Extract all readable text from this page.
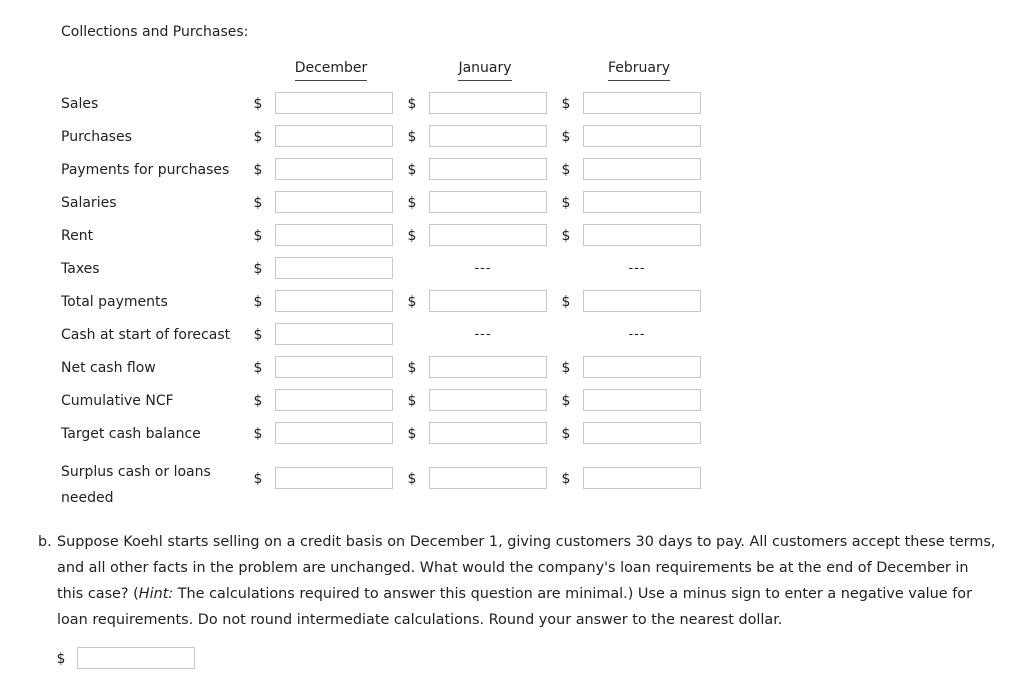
Collections and Purchases:
December	January	February
Sales	$	$	$
Purchases	$	$	$
Payments for purchases $	$	$
Salaries	$	$	$
Rent	$	$	$
Taxes	$	---	---
Total payments	$	$	$
Cash at start of forecast $	---	---
Net cash flow	$	$	$
Cumulative NCF	$	$	$
Target cash balance	$	$	$
Surplus cash or loans
needed
$	$	$
b. Suppose Koehl starts selling on a credit basis on December 1, giving customers 30 days to pay. All customers accept these terms, and all other facts in the problem are unchanged. What would the company's loan requirements be at the end of December in this case? (Hint: The calculations required to answer this question are minimal.) Use a minus sign to enter a negative value for loan requirements. Do not round intermediate calculations. Round your answer to the nearest dollar.
$
